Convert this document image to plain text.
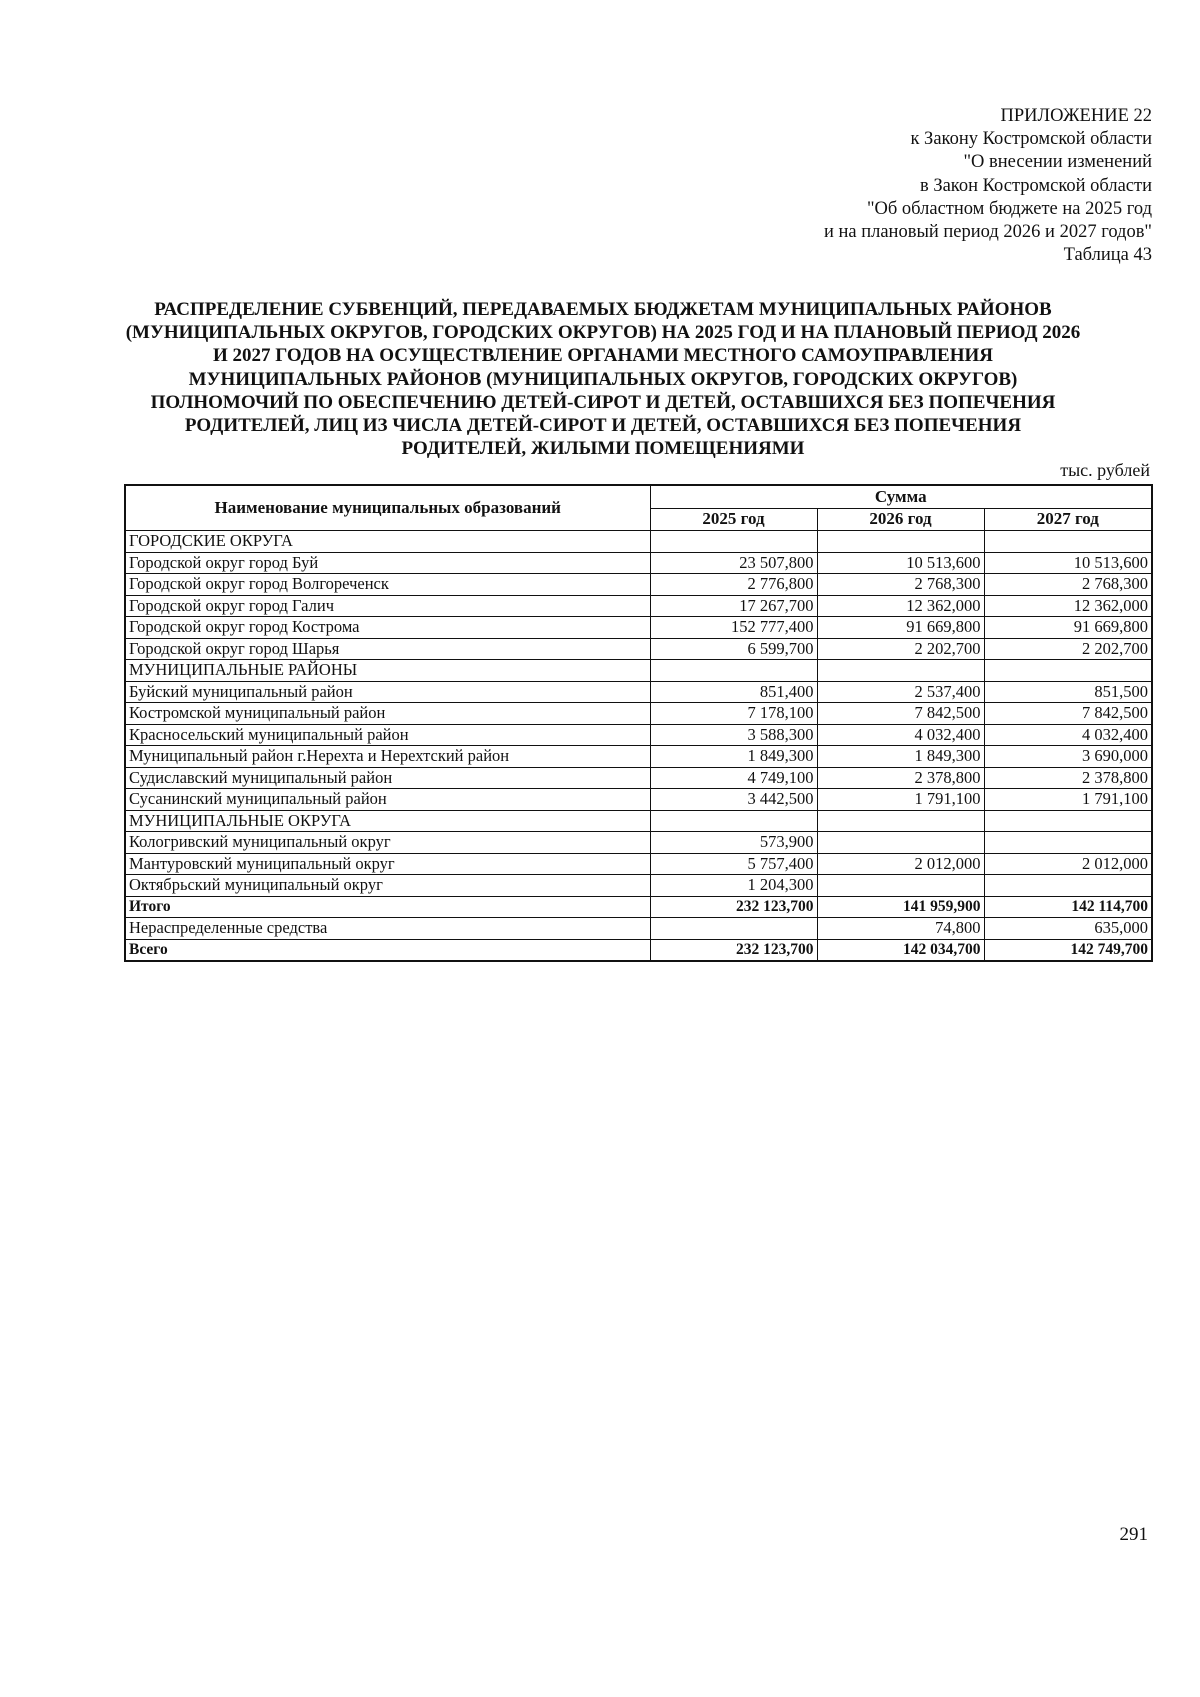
ПРИЛОЖЕНИЕ 22
к Закону Костромской области
"О внесении изменений
в Закон Костромской области
"Об областном бюджете на 2025 год
и на плановый период 2026 и 2027 годов"
Таблица 43
РАСПРЕДЕЛЕНИЕ СУБВЕНЦИЙ, ПЕРЕДАВАЕМЫХ БЮДЖЕТАМ МУНИЦИПАЛЬНЫХ РАЙОНОВ
(МУНИЦИПАЛЬНЫХ ОКРУГОВ, ГОРОДСКИХ ОКРУГОВ) НА 2025 ГОД И НА ПЛАНОВЫЙ ПЕРИОД 2026
И 2027 ГОДОВ НА ОСУЩЕСТВЛЕНИЕ ОРГАНАМИ МЕСТНОГО САМОУПРАВЛЕНИЯ
МУНИЦИПАЛЬНЫХ РАЙОНОВ (МУНИЦИПАЛЬНЫХ ОКРУГОВ, ГОРОДСКИХ ОКРУГОВ)
ПОЛНОМОЧИЙ ПО ОБЕСПЕЧЕНИЮ ДЕТЕЙ-СИРОТ И ДЕТЕЙ, ОСТАВШИХСЯ БЕЗ ПОПЕЧЕНИЯ
РОДИТЕЛЕЙ, ЛИЦ ИЗ ЧИСЛА ДЕТЕЙ-СИРОТ И ДЕТЕЙ, ОСТАВШИХСЯ БЕЗ ПОПЕЧЕНИЯ
РОДИТЕЛЕЙ, ЖИЛЫМИ ПОМЕЩЕНИЯМИ
тыс. рублей
Наименование муниципальных образований	Сумма		
	2025 год	2026 год	2027 год
ГОРОДСКИЕ ОКРУГА			
Городской округ город Буй	23 507,800	10 513,600	10 513,600
Городской округ город Волгореченск	2 776,800	2 768,300	2 768,300
Городской округ город Галич	17 267,700	12 362,000	12 362,000
Городской округ город Кострома	152 777,400	91 669,800	91 669,800
Городской округ город Шарья	6 599,700	2 202,700	2 202,700
МУНИЦИПАЛЬНЫЕ РАЙОНЫ			
Буйский муниципальный район	851,400	2 537,400	851,500
Костромской муниципальный район	7 178,100	7 842,500	7 842,500
Красносельский муниципальный район	3 588,300	4 032,400	4 032,400
Муниципальный район г.Нерехта и Нерехтский район	1 849,300	1 849,300	3 690,000
Судиславский муниципальный район	4 749,100	2 378,800	2 378,800
Сусанинский муниципальный район	3 442,500	1 791,100	1 791,100
МУНИЦИПАЛЬНЫЕ ОКРУГА			
Кологривский муниципальный округ	573,900		
Мантуровский муниципальный округ	5 757,400	2 012,000	2 012,000
Октябрьский муниципальный округ	1 204,300		
Итого	232 123,700	141 959,900	142 114,700
Нераспределенные средства		74,800	635,000
Всего	232 123,700	142 034,700	142 749,700
291
